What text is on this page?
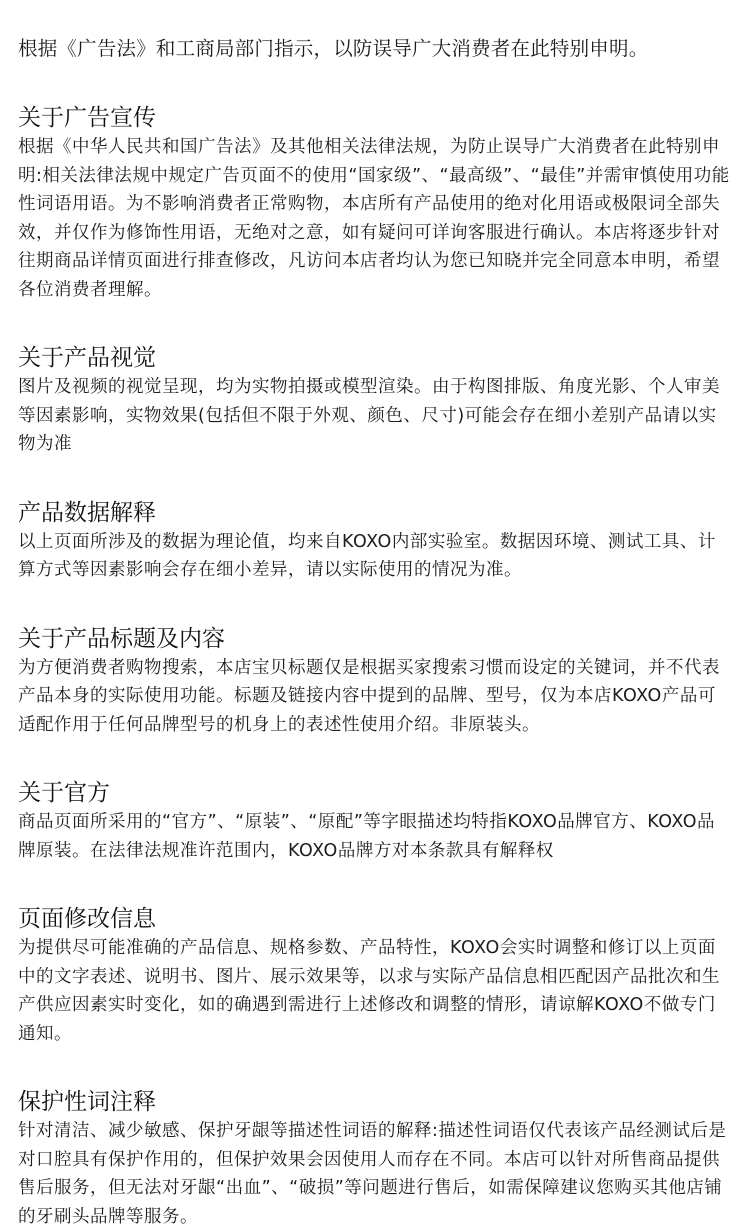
根据《广告法》和工商局部门指示，以防误导广大消费者在此特别申明。
关于广告宣传

根据《中华人民共和国广告法》及其他相关法律法规，为防止误导广大消费者在此特别申明:相关法律法规中规定广告页面不的使用“国家级”、“最高级”、“最佳”并需审慎使用功能性词语用语。为不影响消费者正常购物，本店所有产品使用的绝对化用语或极限词全部失效，并仅作为修饰性用语，无绝对之意，如有疑问可详询客服进行确认。本店将逐步针对往期商品详情页面进行排查修改，凡访问本店者均认为您已知晓并完全同意本申明，希望各位消费者理解。

关于产品视觉

图片及视频的视觉呈现，均为实物拍摄或模型渲染。由于构图排版、角度光影、个人审美等因素影响，实物效果(包括但不限于外观、颜色、尺寸)可能会存在细小差别产品请以实物为准

产品数据解释

以上页面所涉及的数据为理论值，均来自KOXO内部实验室。数据因环境、测试工具、计算方式等因素影响会存在细小差异，请以实际使用的情况为准。

关于产品标题及内容

为方便消费者购物搜索，本店宝贝标题仅是根据买家搜索习惯而设定的关键词，并不代表产品本身的实际使用功能。标题及链接内容中提到的品牌、型号，仅为本店KOXO产品可适配作用于任何品牌型号的机身上的表述性使用介绍。非原装头。

关于官方

商品页面所采用的“官方”、“原装”、“原配”等字眼描述均特指KOXO品牌官方、KOXO品牌原装。在法律法规准许范围内，KOXO品牌方对本条款具有解释权

页面修改信息

为提供尽可能准确的产品信息、规格参数、产品特性，KOXO会实时调整和修订以上页面中的文字表述、说明书、图片、展示效果等，以求与实际产品信息相匹配因产品批次和生产供应因素实时变化，如的确遇到需进行上述修改和调整的情形，请谅解KOXO不做专门通知。

保护性词注释

针对清洁、减少敏感、保护牙龈等描述性词语的解释:描述性词语仅代表该产品经测试后是对口腔具有保护作用的，但保护效果会因使用人而存在不同。本店可以针对所售商品提供售后服务，但无法对牙龈“出血”、“破损”等问题进行售后，如需保障建议您购买其他店铺的牙刷头品牌等服务。
